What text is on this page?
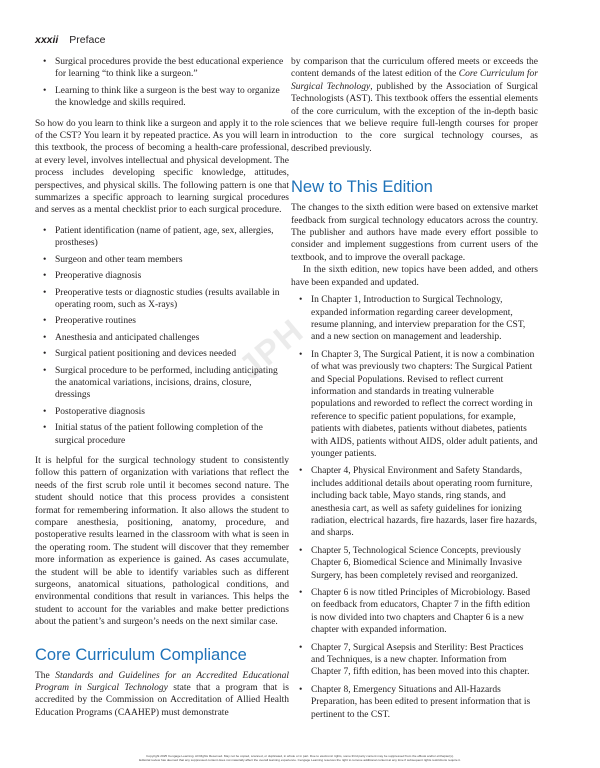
xxxii Preface
• Surgical procedures provide the best educational experience for learning “to think like a surgeon.”
• Learning to think like a surgeon is the best way to organize the knowledge and skills required.

So how do you learn to think like a surgeon and apply it to the role of the CST? You learn it by repeated practice. As you will learn in this textbook, the process of becoming a health-care professional, at every level, involves intellectual and physical development. The process includes developing specific knowledge, attitudes, perspectives, and physical skills. The following pattern is one that summarizes a specific approach to learning surgical procedures and serves as a mental checklist prior to each surgical procedure.

• Patient identification (name of patient, age, sex, allergies, prostheses)
• Surgeon and other team members
• Preoperative diagnosis
• Preoperative tests or diagnostic studies (results available in operating room, such as X-rays)
• Preoperative routines
• Anesthesia and anticipated challenges
• Surgical patient positioning and devices needed
• Surgical procedure to be performed, including anticipating the anatomical variations, incisions, drains, closure, dressings
• Postoperative diagnosis
• Initial status of the patient following completion of the surgical procedure

It is helpful for the surgical technology student to consistently follow this pattern of organization with variations that reflect the needs of the first scrub role until it becomes second nature. The student should notice that this process provides a consistent format for remembering information. It also allows the student to compare anesthesia, positioning, anatomy, procedure, and postoperative results learned in the classroom with what is seen in the operating room. The student will discover that they remember more information as experience is gained. As cases accumulate, the student will be able to identify variables such as different surgeons, anatomical situations, pathological conditions, and environmental conditions that result in variances. This helps the student to account for the variables and make better predictions about the patient’s and surgeon’s needs on the next similar case.

Core Curriculum Compliance

The Standards and Guidelines for an Accredited Educational Program in Surgical Technology state that a program that is accredited by the Commission on Accreditation of Allied Health Education Programs (CAAHEP) must demonstrate

by comparison that the curriculum offered meets or exceeds the content demands of the latest edition of the Core Curriculum for Surgical Technology, published by the Association of Surgical Technologists (AST). This textbook offers the essential elements of the core curriculum, with the exception of the in-depth basic sciences that we believe require full-length courses for proper introduction to the core surgical technology courses, as described previously.

New to This Edition

The changes to the sixth edition were based on extensive market feedback from surgical technology educators across the country. The publisher and authors have made every effort possible to consider and implement suggestions from current users of the textbook, and to improve the overall package.

In the sixth edition, new topics have been added, and others have been expanded and updated.

• In Chapter 1, Introduction to Surgical Technology, expanded information regarding career development, resume planning, and interview preparation for the CST, and a new section on management and leadership.
• In Chapter 3, The Surgical Patient, it is now a combination of what was previously two chapters: The Surgical Patient and Special Populations. Revised to reflect current information and standards in treating vulnerable populations and reworded to reflect the correct wording in reference to specific patient populations, for example, patients with diabetes, patients without diabetes, patients with AIDS, patients without AIDS, older adult patients, and younger patients.
• Chapter 4, Physical Environment and Safety Standards, includes additional details about operating room furniture, including back table, Mayo stands, ring stands, and anesthesia cart, as well as safety guidelines for ionizing radiation, electrical hazards, fire hazards, laser fire hazards, and sharps.
• Chapter 5, Technological Science Concepts, previously Chapter 6, Biomedical Science and Minimally Invasive Surgery, has been completely revised and reorganized.
• Chapter 6 is now titled Principles of Microbiology. Based on feedback from educators, Chapter 7 in the fifth edition is now divided into two chapters and Chapter 6 is a new chapter with expanded information.
• Chapter 7, Surgical Asepsis and Sterility: Best Practices and Techniques, is a new chapter. Information from Chapter 7, fifth edition, has been moved into this chapter.
• Chapter 8, Emergency Situations and All-Hazards Preparation, has been edited to present information that is pertinent to the CST.
JPH
Copyright 2025 Cengage Learning. All Rights Reserved. May not be copied, scanned, or duplicated, in whole or in part. Due to electronic rights, some third party content may be suppressed from the eBook and/or eChapter(s).
Editorial review has deemed that any suppressed content does not materially affect the overall learning experience. Cengage Learning reserves the right to remove additional content at any time if subsequent rights restrictions require it.
